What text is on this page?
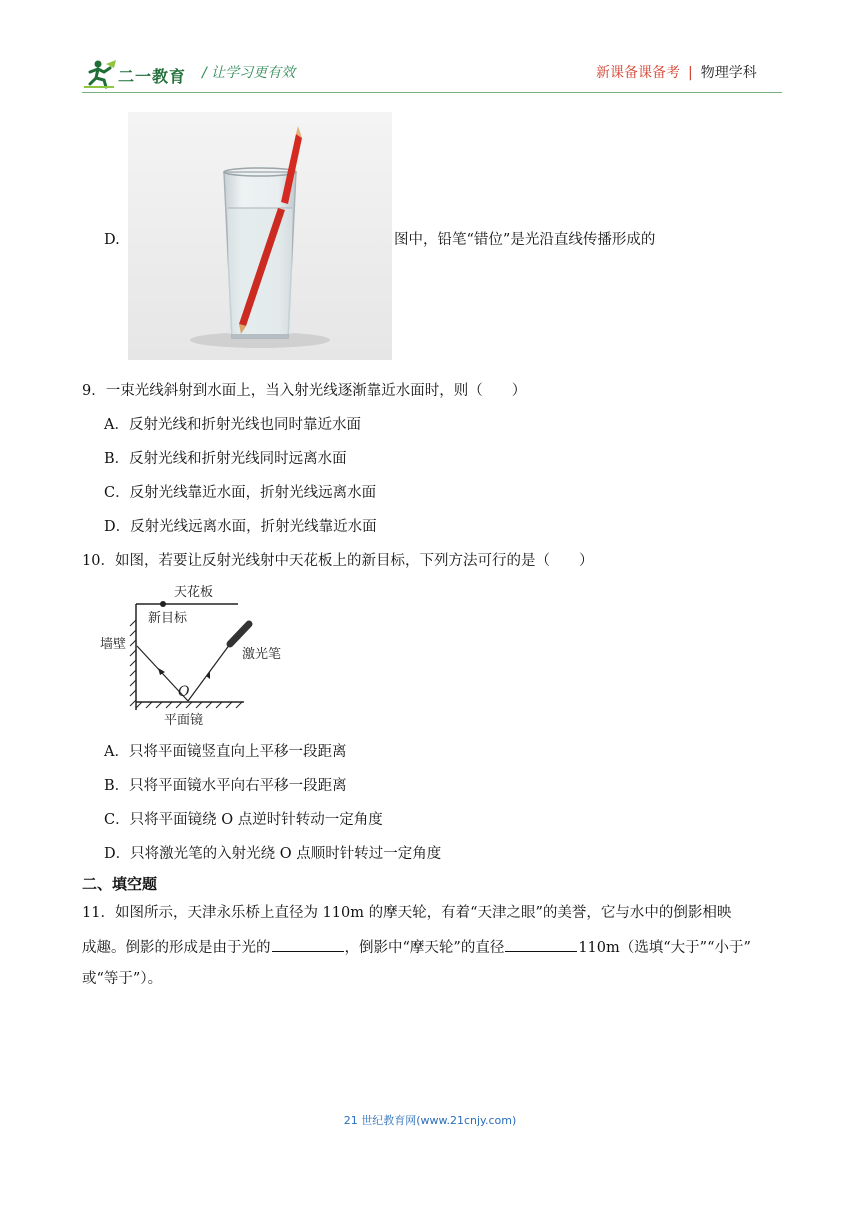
二一教育 / 让学习更有效	新课备课备考 | 物理学科
D.	图中，铅笔“错位”是光沿直线传播形成的
9．一束光线斜射到水面上，当入射光线逐渐靠近水面时，则（　　）
A．反射光线和折射光线也同时靠近水面
B．反射光线和折射光线同时远离水面
C．反射光线靠近水面，折射光线远离水面
D．反射光线远离水面，折射光线靠近水面
10．如图，若要让反射光线射中天花板上的新目标，下列方法可行的是（　　）
天花板
新目标
墙壁
激光笔
O
平面镜
A．只将平面镜竖直向上平移一段距离
B．只将平面镜水平向右平移一段距离
C．只将平面镜绕 O 点逆时针转动一定角度
D．只将激光笔的入射光绕 O 点顺时针转过一定角度
二、填空题
11．如图所示，天津永乐桥上直径为 110m 的摩天轮，有着“天津之眼”的美誉，它与水中的倒影相映
成趣。倒影的形成是由于光的	，倒影中“摩天轮”的直径	110m（选填“大于”“小于”
或“等于”）。
21 世纪教育网(www.21cnjy.com)
